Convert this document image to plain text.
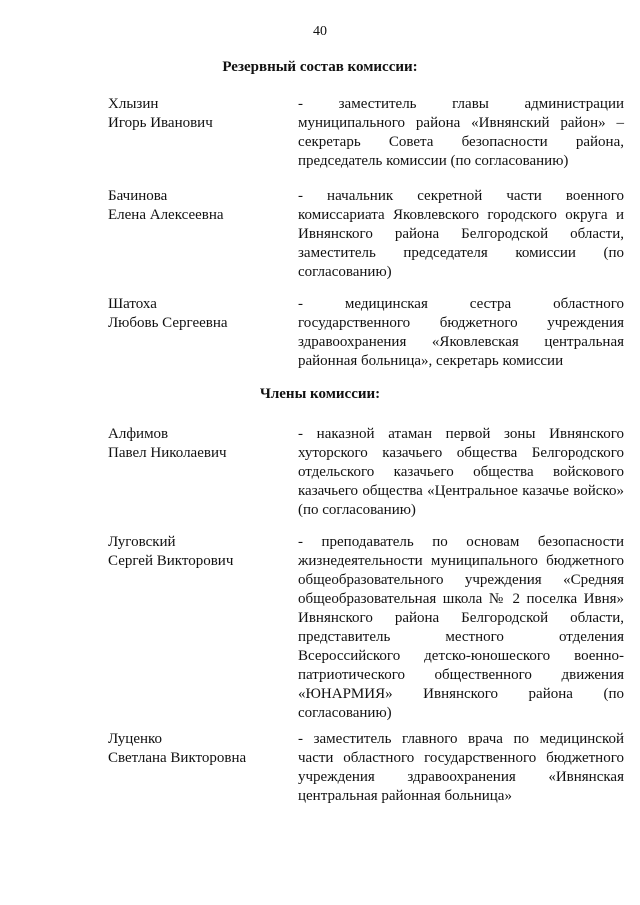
40
Резервный состав комиссии:
Хлызин
Игорь Иванович
- заместитель главы администрации муниципального района «Ивнянский район» – секретарь Совета безопасности района, председатель комиссии (по согласованию)
Бачинова
Елена Алексеевна
- начальник секретной части военного комиссариата Яковлевского городского округа и Ивнянского района Белгородской области, заместитель председателя комиссии (по согласованию)
Шатоха
Любовь Сергеевна
- медицинская сестра областного государственного бюджетного учреждения здравоохранения «Яковлевская центральная районная больница», секретарь комиссии
Члены комиссии:
Алфимов
Павел Николаевич
- наказной атаман первой зоны Ивнянского хуторского казачьего общества Белгородского отдельского казачьего общества войскового казачьего общества «Центральное казачье войско» (по согласованию)
Луговский
Сергей Викторович
- преподаватель по основам безопасности жизнедеятельности муниципального бюджетного общеобразовательного учреждения «Средняя общеобразовательная школа № 2 поселка Ивня» Ивнянского района Белгородской области, представитель местного отделения Всероссийского детско-юношеского военно-патриотического общественного движения «ЮНАРМИЯ» Ивнянского района (по согласованию)
Луценко
Светлана Викторовна
- заместитель главного врача по медицинской части областного государственного бюджетного учреждения здравоохранения «Ивнянская центральная районная больница»
